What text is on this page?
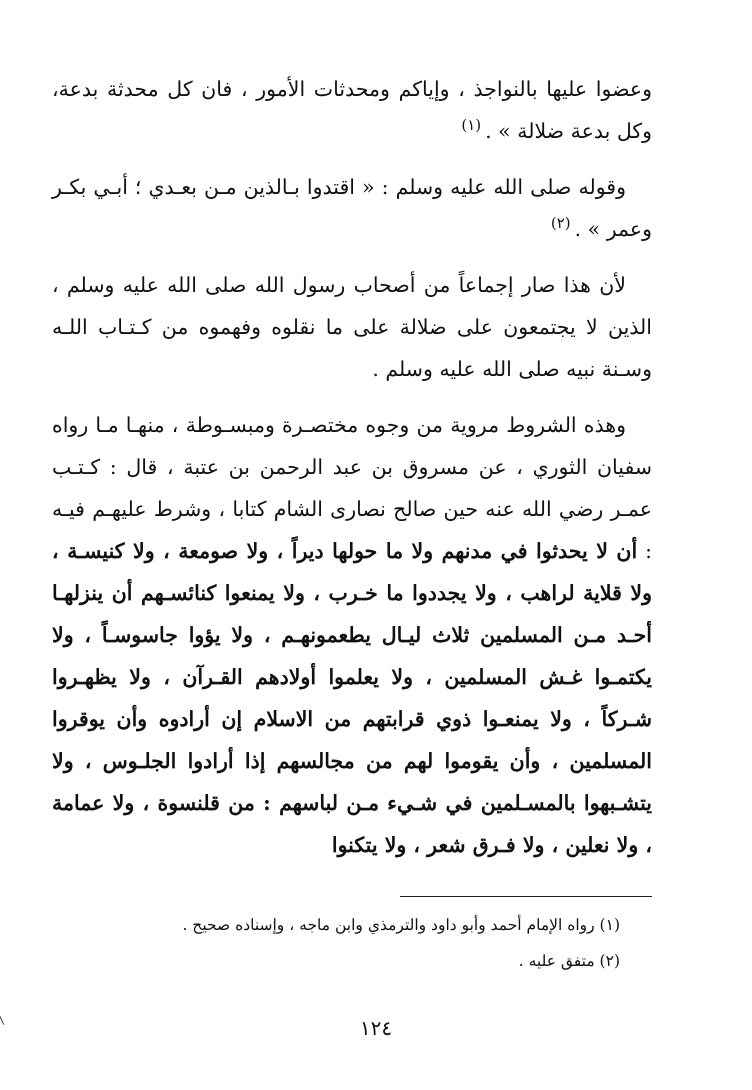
وعضوا عليها بالنواجذ ، وإياكم ومحدثات الأمور ، فان كل محدثة بدعة، وكل بدعة ضلالة » .$^{(١)}$

وقوله صلى الله عليه وسلم : « اقتدوا بـالذين مـن بعـدي ؛ أبـي بكـر وعمر » .$^{(٢)}$

لأن هذا صار إجماعاً من أصحاب رسول الله صلى الله عليه وسلم ، الذين لا يجتمعون على ضلالة على ما نقلوه وفهموه من كـتـاب اللـه وسـنة نبيه صلى الله عليه وسلم .

وهذه الشروط مروية من وجوه مختصـرة ومبسـوطة ، منهـا مـا رواه سفيان الثوري ، عن مسروق بن عبد الرحمن بن عتبة ، قال : كـتـب عمـر رضي الله عنه حين صالح نصارى الشام كتابا ، وشرط عليهـم فيـه : أن لا يحدثوا في مدنهم ولا ما حولها ديراً ، ولا صومعة ، ولا كنيسـة ، ولا قلاية لراهب ، ولا يجددوا ما خـرب ، ولا يمنعوا كنائسـهم أن ينزلهـا أحـد مـن المسلمين ثلاث ليـال يطعمونهـم ، ولا يؤوا جاسوسـاً ، ولا يكتمـوا غـش المسلمين ، ولا يعلموا أولادهم القـرآن ، ولا يظهـروا شـركاً ، ولا يمنعـوا ذوي قرابتهم من الاسلام إن أرادوه وأن يوقروا المسلمين ، وأن يقوموا لهم من مجالسهم إذا أرادوا الجلـوس ، ولا يتشـبهوا بالمسـلمين في شـيء مـن لباسهم : من قلنسوة ، ولا عمامة ، ولا نعلين ، ولا فـرق شعر ، ولا يتكنوا

(١) رواه الإمام أحمد وأبو داود والترمذي وابن ماجه ، وإسناده صحيح .

(٢) متفق عليه .

١٢٤
